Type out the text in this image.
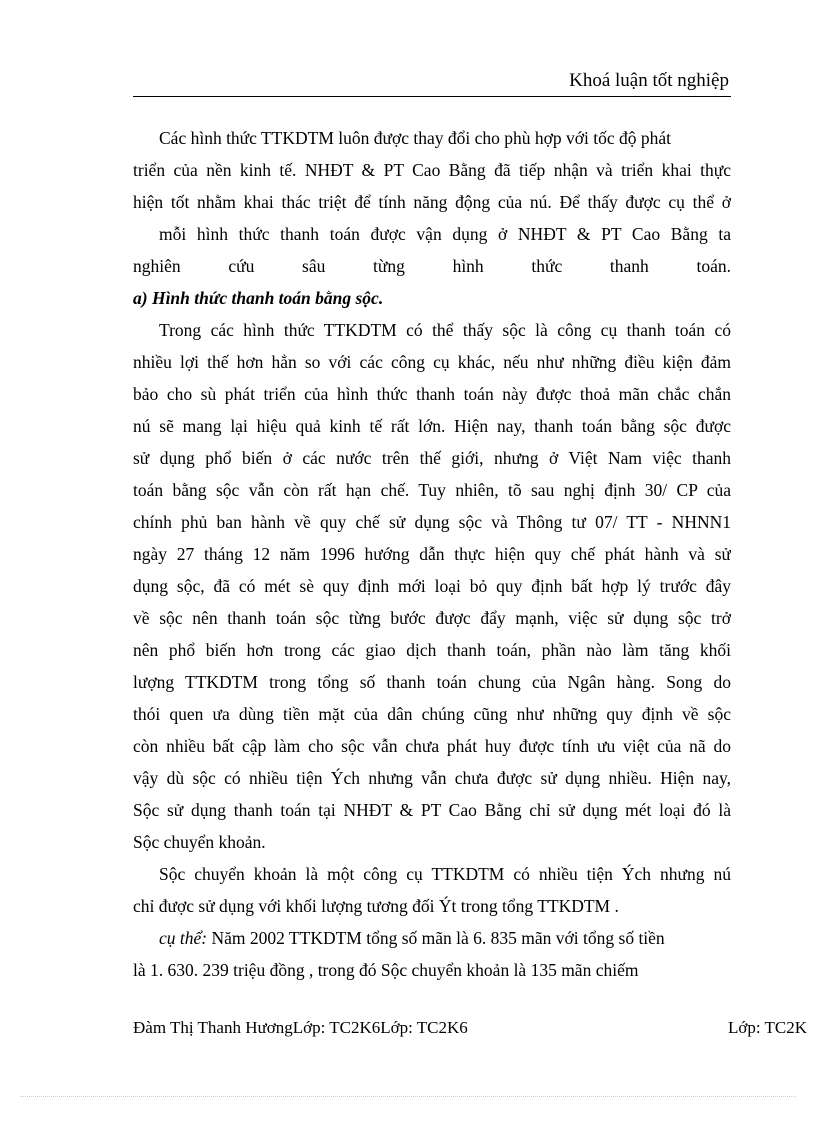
Khoá luận tốt nghiệp
Các hình thức TTKDTM luôn được thay đổi cho phù hợp với tốc độ phát
triển của nền kinh tế. NHĐT & PT Cao Bằng đã tiếp nhận và triển khai thực
hiện tốt nhằm khai thác triệt để tính năng động của nú. Để thấy được cụ thể ở
mỗi hình thức thanh toán được vận dụng ở NHĐT & PT Cao Bằng ta
nghiên cứu sâu từng hình thức thanh toán.
a) Hình thức thanh toán bằng sộc.
Trong các hình thức TTKDTM có thể thấy sộc là công cụ thanh toán có
nhiều lợi thế hơn hẳn so với các công cụ khác, nếu như những điều kiện đảm
bảo cho sù phát triển của hình thức thanh toán này được thoả mãn chắc chắn
nú sẽ mang lại hiệu quả kinh tế rất lớn. Hiện nay, thanh toán bằng sộc được
sử dụng phổ biến ở các nước trên thế giới, nhưng ở Việt Nam việc thanh
toán bằng sộc vẫn còn rất hạn chế. Tuy nhiên, tõ sau nghị định 30/ CP của
chính phủ ban hành về quy chế sử dụng sộc và Thông tư 07/ TT - NHNN1
ngày 27 tháng 12 năm 1996 hướng dẫn thực hiện quy chế phát hành và sử
dụng sộc, đã có mét sè quy định mới loại bỏ quy định bất hợp lý trước đây
về sộc nên thanh toán sộc từng bước được đẩy mạnh, việc sử dụng sộc trở
nên phổ biến hơn trong các giao dịch thanh toán, phần nào làm tăng khối
lượng TTKDTM trong tổng số thanh toán chung của Ngân hàng. Song do
thói quen ưa dùng tiền mặt của dân chúng cũng như những quy định về sộc
còn nhiều bất cập làm cho sộc vẫn chưa phát huy được tính ưu việt của nã do
vậy dù sộc có nhiều tiện Ých nhưng vẫn chưa được sử dụng nhiều. Hiện nay,
Sộc sử dụng thanh toán tại NHĐT & PT Cao Bằng chỉ sử dụng mét loại đó là
Sộc chuyển khoản.
Sộc chuyển khoản là một công cụ TTKDTM có nhiều tiện Ých nhưng nú
chỉ được sử dụng với khối lượng tương đối Ýt trong tổng TTKDTM .
cụ thể: Năm 2002 TTKDTM tổng số mãn là 6. 835 mãn với tổng số tiền
là 1. 630. 239 triệu đồng , trong đó Sộc chuyển khoản là 135 mãn chiếm
Đàm Thị Thanh HươngLớp: TC2K6Lớp: TC2K6	Lớp: TC2K
